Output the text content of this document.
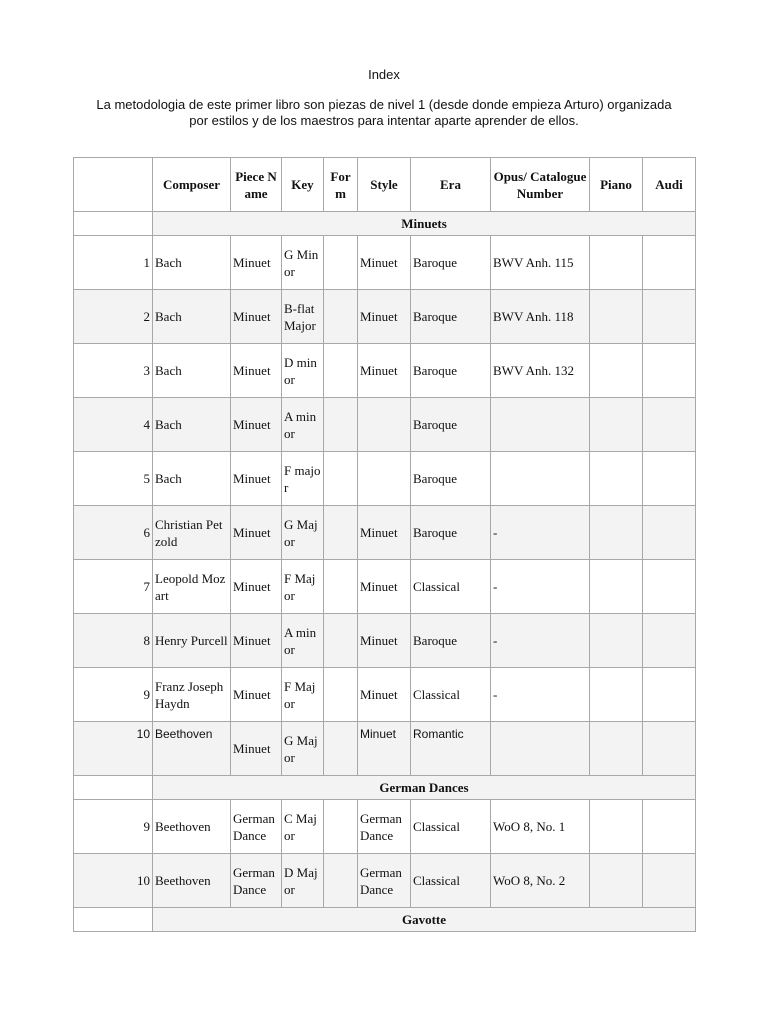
Index
La metodologia de este primer libro son piezas de nivel 1 (desde donde empieza Arturo) organizada por estilos y de los maestros para intentar aparte aprender de ellos.
	Composer	Piece Name	Key	For m	Style	Era	Opus/ Catalogue Number	Piano	Audi
	Minuets								
1	Bach	Minuet	G Minor		Minuet	Baroque	BWV Anh. 115		
2	Bach	Minuet	B-flat Major		Minuet	Baroque	BWV Anh. 118		
3	Bach	Minuet	D minor		Minuet	Baroque	BWV Anh. 132		
4	Bach	Minuet	A minor			Baroque			
5	Bach	Minuet	F major			Baroque			
6	Christian Petzold	Minuet	G Major		Minuet	Baroque	-		
7	Leopold Mozart	Minuet	F Major		Minuet	Classical	-		
8	Henry Purcell	Minuet	A minor		Minuet	Baroque	-		
9	Franz Joseph Haydn	Minuet	F Major		Minuet	Classical	-		
10	Beethoven	Minuet	G Major		Minuet	Romantic			
	German Dances								
9	Beethoven	German Dance	C Major		German Dance	Classical	WoO 8, No. 1		
10	Beethoven	German Dance	D Major		German Dance	Classical	WoO 8, No. 2		
	Gavotte								
